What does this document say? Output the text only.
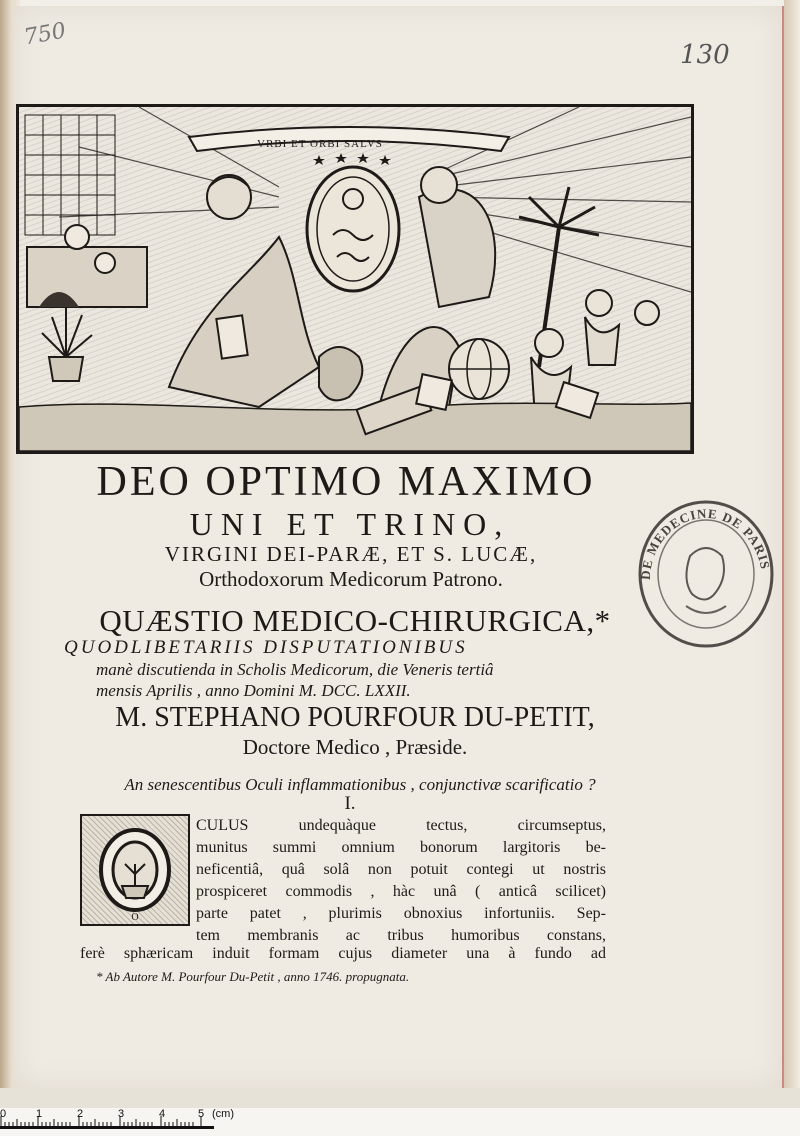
750
130
VRBI ET ORBI SALVS
DEO OPTIMO MAXIMO
UNI ET TRINO,
VIRGINI DEI-PARÆ, ET S. LUCÆ,
Orthodoxorum Medicorum Patrono.
QUÆSTIO MEDICO-CHIRURGICA,*
QUODLIBETARIIS DISPUTATIONIBUS
manè discutienda in Scholis Medicorum, die Veneris tertiâ
mensis Aprilis , anno Domini M. DCC. LXXII.
M. STEPHANO POURFOUR DU-PETIT,
Doctore Medico , Præside.
An senescentibus Oculi inflammationibus , conjunctivæ scarificatio ?
I.
O
CULUS undequàque tectus, circumseptus,
munitus summi omnium bonorum largitoris be-
neficentiâ, quâ solâ non potuit contegi ut nostris
prospiceret commodis , hàc unâ ( anticâ scilicet)
parte patet , plurimis obnoxius infortuniis. Sep-
tem membranis ac tribus humoribus constans,
ferè sphæricam induit formam cujus diameter una à fundo ad
* Ab Autore M. Pourfour Du-Petit , anno 1746. propugnata.
DE MEDECINE DE PARIS
0	1	2	3	4	5 (cm)
